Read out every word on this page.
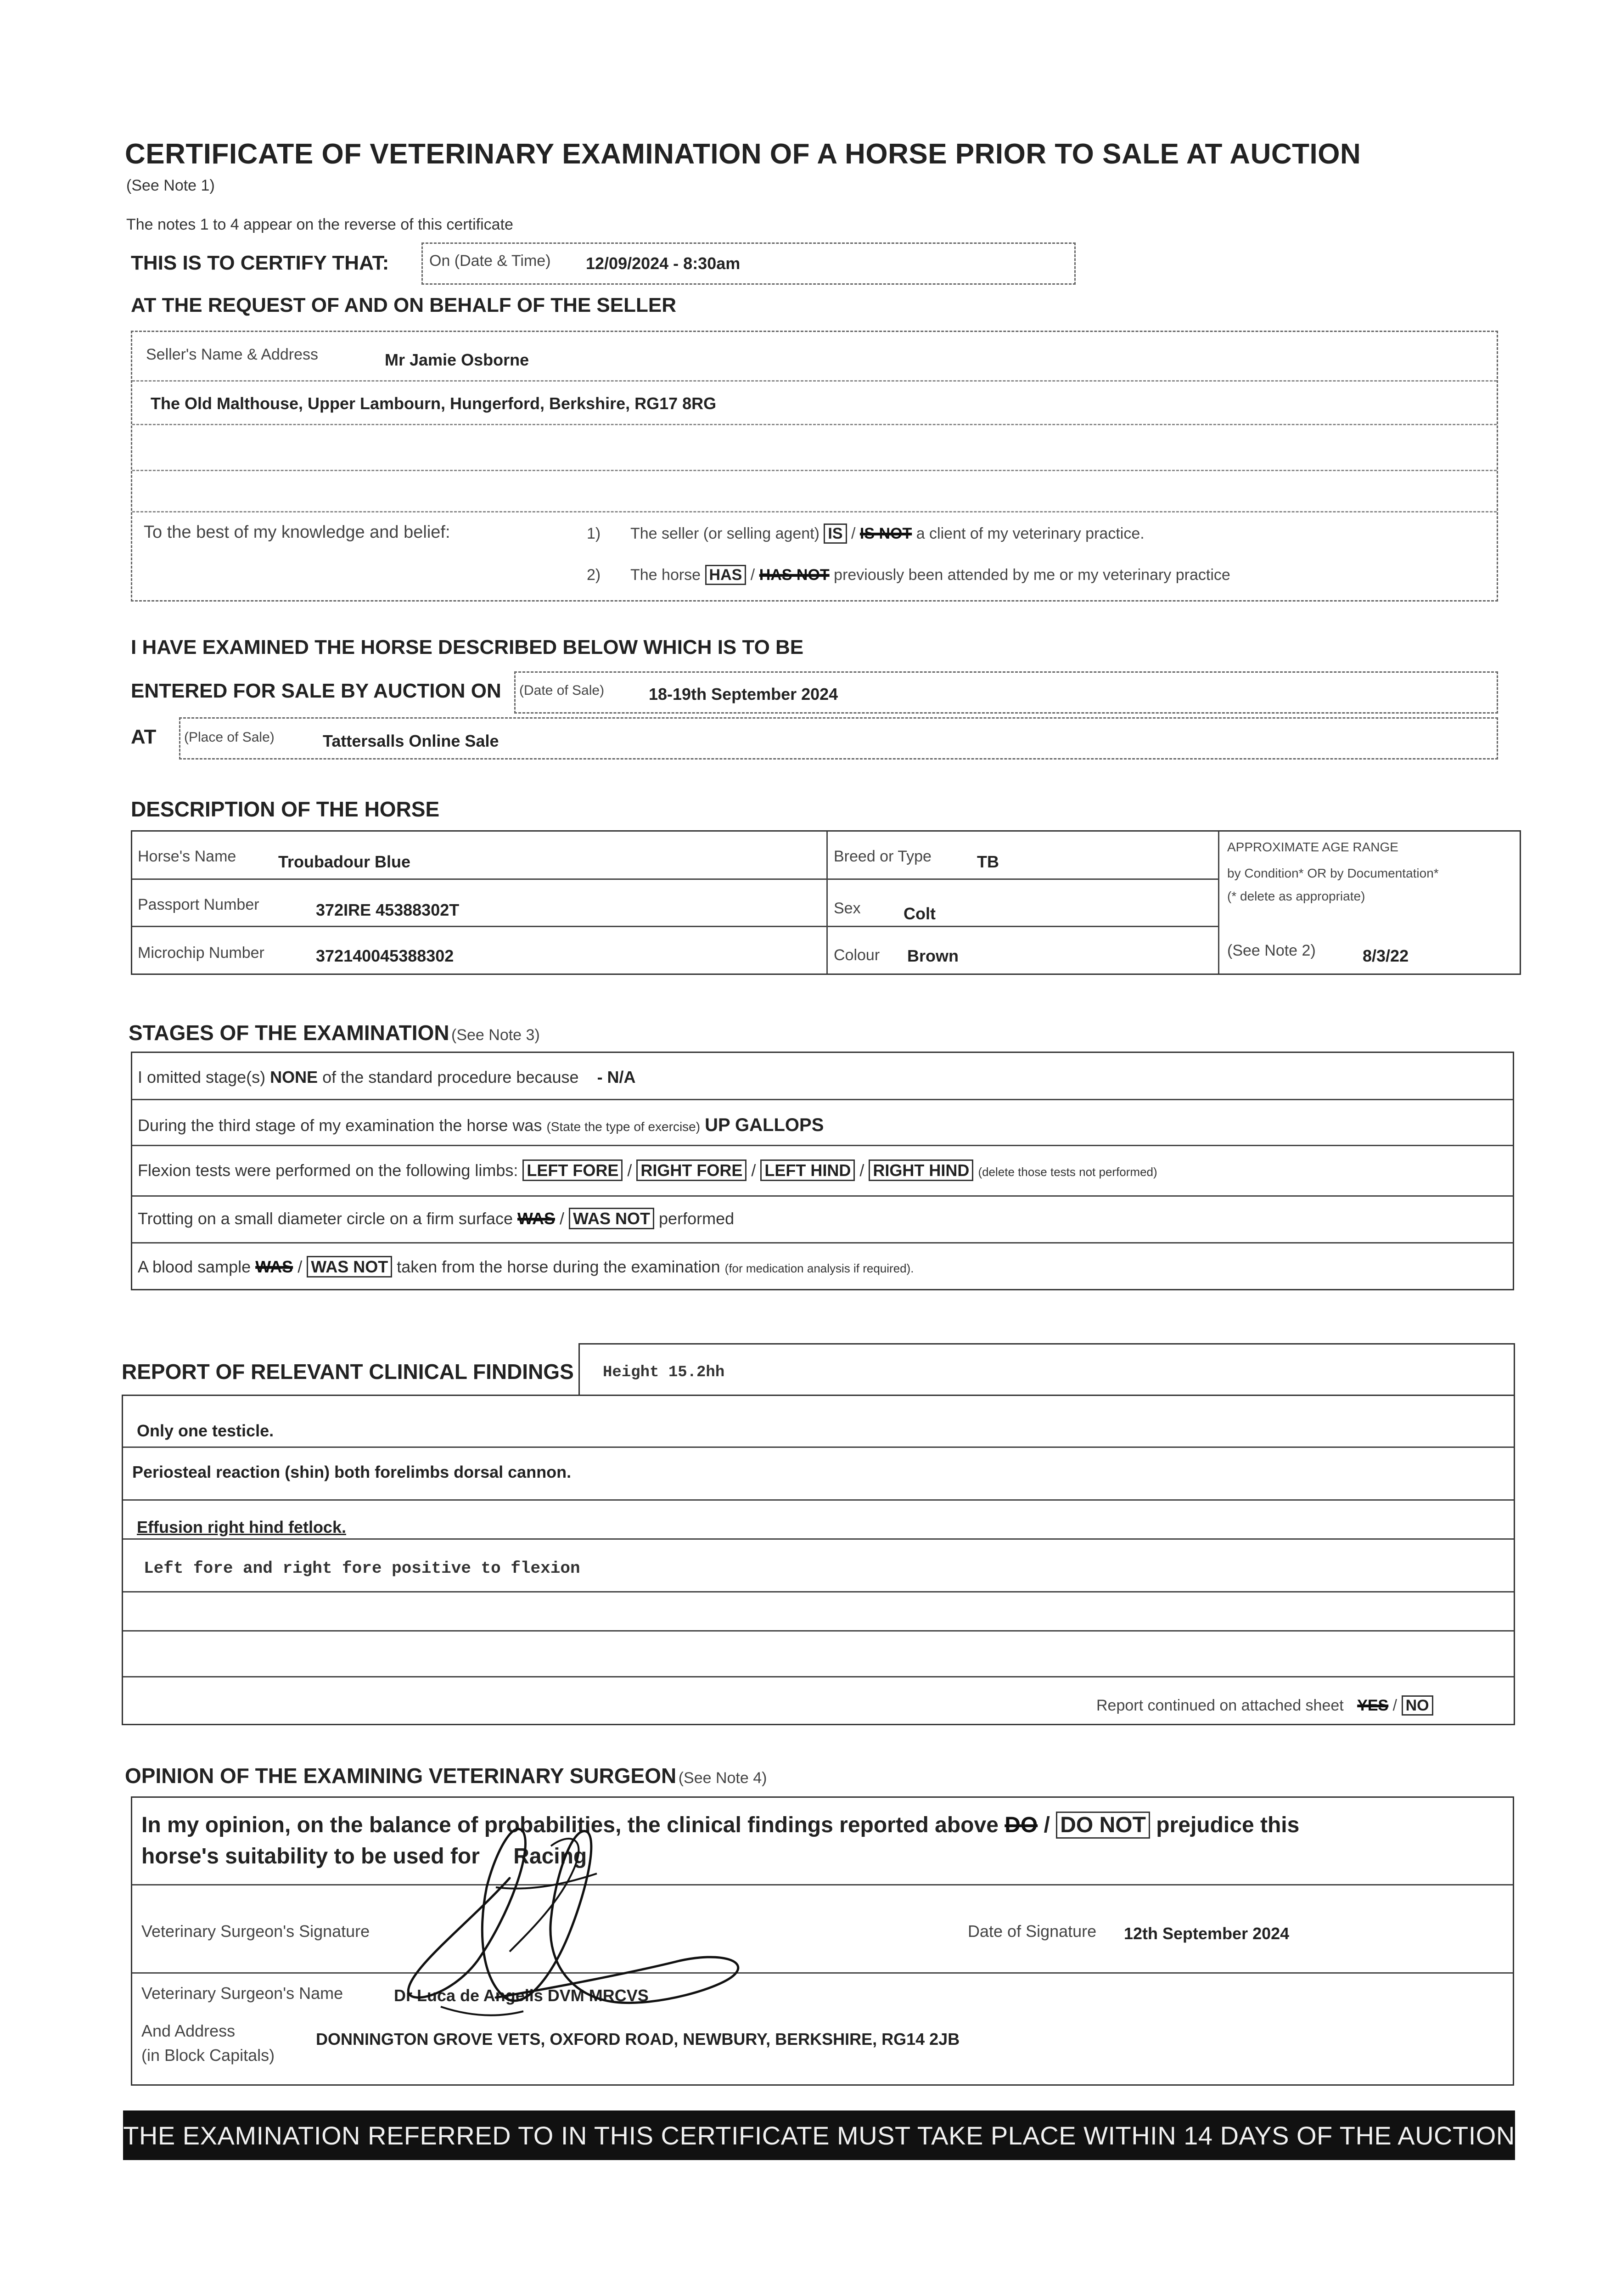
CERTIFICATE OF VETERINARY EXAMINATION OF A HORSE PRIOR TO SALE AT AUCTION
(See Note 1)
The notes 1 to 4 appear on the reverse of this certificate
THIS IS TO CERTIFY THAT:	On (Date & Time) 12/09/2024 - 8:30am
AT THE REQUEST OF AND ON BEHALF OF THE SELLER
Seller's Name & Address	Mr Jamie Osborne
The Old Malthouse, Upper Lambourn, Hungerford, Berkshire, RG17 8RG
To the best of my knowledge and belief:	1) The seller (or selling agent) IS / IS NOT a client of my veterinary practice.
2) The horse HAS / HAS NOT previously been attended by me or my veterinary practice
I HAVE EXAMINED THE HORSE DESCRIBED BELOW WHICH IS TO BE
ENTERED FOR SALE BY AUCTION ON (Date of Sale)	18-19th September 2024
AT (Place of Sale)	Tattersalls Online Sale
DESCRIPTION OF THE HORSE
Horse's Name	Troubadour Blue
Passport Number	372IRE 45388302T
Microchip Number	372140045388302
Breed or Type	TB
Sex	Colt
Colour Brown
APPROXIMATE AGE RANGE
by Condition* OR by Documentation*
(* delete as appropriate)
(See Note 2)	8/3/22
STAGES OF THE EXAMINATION (See Note 3)
I omitted stage(s) NONE of the standard procedure because - N/A
During the third stage of my examination the horse was (State the type of exercise) UP GALLOPS
Flexion tests were performed on the following limbs: LEFT FORE / RIGHT FORE / LEFT HIND / RIGHT HIND (delete those tests not performed)
Trotting on a small diameter circle on a firm surface WAS / WAS NOT performed
A blood sample WAS / WAS NOT taken from the horse during the examination (for medication analysis if required).
REPORT OF RELEVANT CLINICAL FINDINGS Height 15.2hh
Only one testicle.
Periosteal reaction (shin) both forelimbs dorsal cannon.
Effusion right hind fetlock.
Left fore and right fore positive to flexion
Report continued on attached sheet YES / NO
OPINION OF THE EXAMINING VETERINARY SURGEON (See Note 4)
In my opinion, on the balance of probabilities, the clinical findings reported above DO / DO NOT prejudice this
horse's suitability to be used for Racing
Veterinary Surgeon's Signature	Date of Signature 12th September 2024
Veterinary Surgeon's Name	Dr Luca de Angelis DVM MRCVS
And Address
(in Block Capitals)
DONNINGTON GROVE VETS, OXFORD ROAD, NEWBURY, BERKSHIRE, RG14 2JB
THE EXAMINATION REFERRED TO IN THIS CERTIFICATE MUST TAKE PLACE WITHIN 14 DAYS OF THE AUCTION
